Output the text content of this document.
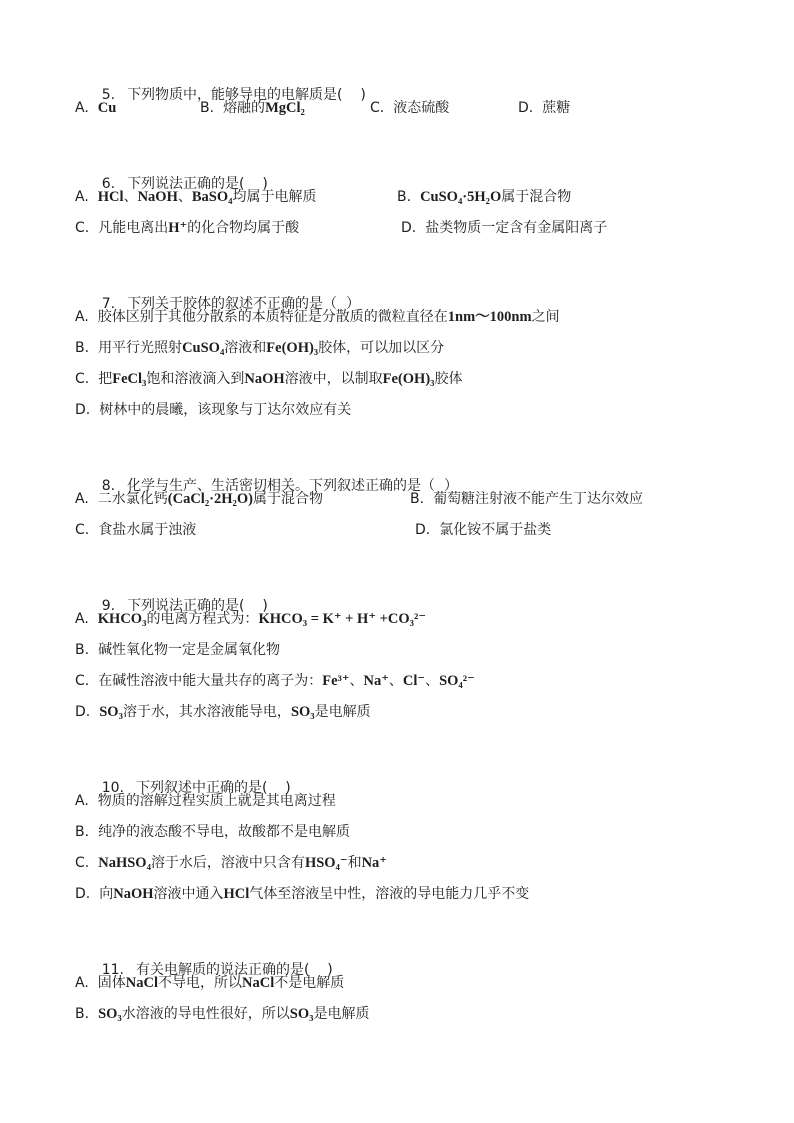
5. 下列物质中，能够导电的电解质是(    )

A. Cu

	B. 熔融的MgCl₂

	C. 液态硫酸

	D. 蔗糖

6. 下列说法正确的是(    )

A. HCl、NaOH、BaSO₄均属于电解质

	B. CuSO₄·5H₂O属于混合物

C. 凡能电离出H⁺的化合物均属于酸

	D. 盐类物质一定含有金属阳离子

7. 下列关于胶体的叙述不正确的是（  ）

A. 胶体区别于其他分散系的本质特征是分散质的微粒直径在1nm～100nm之间

B. 用平行光照射CuSO₄溶液和Fe(OH)₃胶体，可以加以区分

C. 把FeCl₃饱和溶液滴入到NaOH溶液中，以制取Fe(OH)₃胶体

D. 树林中的晨曦，该现象与丁达尔效应有关

8. 化学与生产、生活密切相关。下列叙述正确的是（  ）

A. 二水氯化钙(CaCl₂·2H₂O)属于混合物

	B. 葡萄糖注射液不能产生丁达尔效应

C. 食盐水属于浊液

	D. 氯化铵不属于盐类

9. 下列说法正确的是(    )

A. KHCO₃的电离方程式为：KHCO₃ = K⁺ + H⁺ +CO₃²⁻

B. 碱性氧化物一定是金属氧化物

C. 在碱性溶液中能大量共存的离子为：Fe³⁺、Na⁺、Cl⁻、SO₄²⁻

D. SO₃溶于水，其水溶液能导电，SO₃是电解质

10. 下列叙述中正确的是(    )

A. 物质的溶解过程实质上就是其电离过程

B. 纯净的液态酸不导电，故酸都不是电解质

C. NaHSO₄溶于水后，溶液中只含有HSO₄⁻和Na⁺

D. 向NaOH溶液中通入HCl气体至溶液呈中性，溶液的导电能力几乎不变

11. 有关电解质的说法正确的是(    )

A. 固体NaCl不导电，所以NaCl不是电解质

B. SO₃水溶液的导电性很好，所以SO₃是电解质
